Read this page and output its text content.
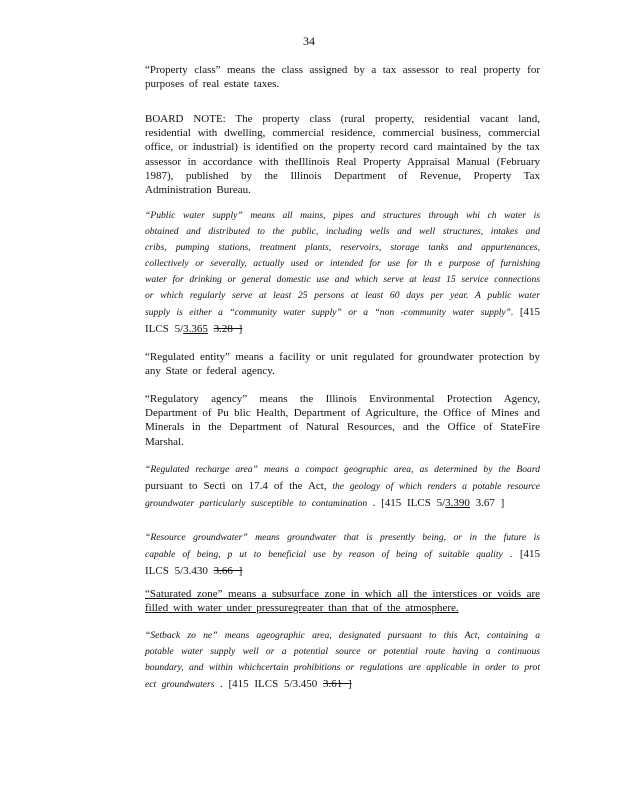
34

“Property class” means the class assigned by a tax assessor to real property for purposes of real estate taxes.

BOARD NOTE: The property class (rural property, residential vacant land, residential with dwelling, commercial residence, commercial business, commercial office, or industrial) is identified on the property record card maintained by the tax assessor in accordance with theIllinois Real Property Appraisal Manual (February 1987), published by the Illinois Department of Revenue, Property Tax Administration Bureau.

“Public water supply” means all mains, pipes and structures through whi ch water is obtained and distributed to the public, including wells and well structures, intakes and cribs, pumping stations, treatment plants, reservoirs, storage tanks and appurtenances, collectively or severally, actually used or intended for use for th e purpose of furnishing water for drinking or general domestic use and which serve at least 15 service connections or which regularly serve at least 25 persons at least 60 days per year. A public water supply is either a “community water supply” or a “non -community water supply”. [415 ILCS 5/3.365 3.28 ]

“Regulated entity” means a facility or unit regulated for groundwater protection by any State or federal agency.

“Regulatory agency” means the Illinois Environmental Protection Agency, Department of Pu blic Health, Department of Agriculture, the Office of Mines and Minerals in the Department of Natural Resources, and the Office of StateFire Marshal.

“Regulated recharge area” means a compact geographic area, as determined by the Board pursuant to Secti on 17.4 of the Act, the geology of which renders a potable resource groundwater particularly susceptible to contamination . [415 ILCS 5/3.390 3.67 ]

“Resource groundwater” means groundwater that is presently being, or in the future is capable of being, p ut to beneficial use by reason of being of suitable quality . [415 ILCS 5/3.430 3.66 ]

“Saturated zone” means a subsurface zone in which all the interstices or voids are filled with water under pressuregreater than that of the atmosphere.

“Setback zo ne” means ageographic area, designated pursuant to this Act, containing a potable water supply well or a potential source or potential route having a continuous boundary, and within whichcertain prohibitions or regulations are applicable in order to prot ect groundwaters . [415 ILCS 5/3.450 3.61 ]
